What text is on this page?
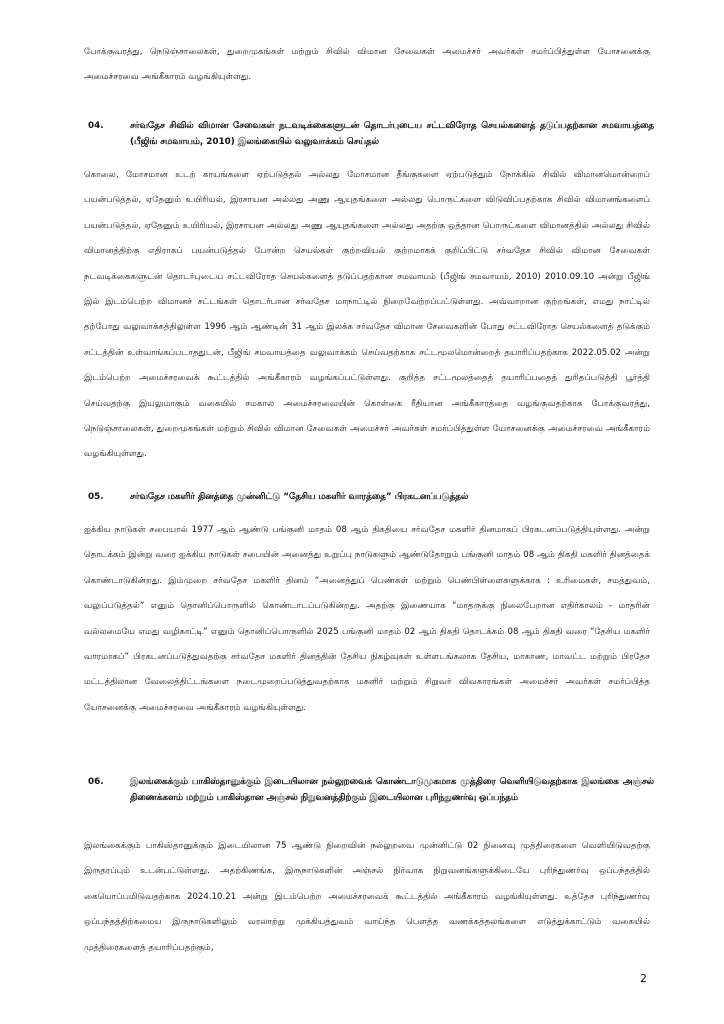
போக்குவரத்து, நெடுஞ்சாலைகள், துறைமுகங்கள் மற்றும் சிவில் விமான சேவைகள் அமைச்சர் அவர்கள் சமர்ப்பித்துள்ள யோசனைக்கு அமைச்சரவை அங்கீகாரம் வழங்கியுள்ளது.

04.	சர்வதேச சிவில் விமான சேவைகள் நடவடிக்கைகளுடன் தொடர்புடைய சட்டவிரோத செயல்களைத் தடுப்பதற்கான சமவாயத்தை (பீஜிங் சமவாயம், 2010) இலங்கையில் வலுவாக்கம் செய்தல்

கொலை, மோசமான உடற் காயங்களை ஏற்படுத்தல் அல்லது மோசமான தீங்குகளை ஏற்படுத்தும் நோக்கில் சிவில் விமானமொன்றைப் பயன்படுத்தல், ஏதேனும் உயிரியல், இரசாயன அல்லது அணு ஆயுதங்களை அல்லது பொருட்களை விடுவிப்பதற்காக சிவில் விமானங்களைப் பயன்படுத்தல், ஏதேனும் உயிரியல், இரசாயன அல்லது அணு ஆயுதங்களை அல்லது அதற்கு ஒத்தான பொருட்களை விமானத்தில் அல்லது சிவில் விமானத்திற்கு எதிராகப் பயன்படுத்தல் போன்ற செயல்கள் குற்றவியல் குற்றமாகக் குறிப்பிட்டு சர்வதேச சிவில் விமான சேவைகள் நடவடிக்கைகளுடன் தொடர்புடைய சட்டவிரோத செயல்களைத் தடுப்பதற்கான சமவாயம் (பீஜிங் சமவாயம், 2010) 2010.09.10 அன்று பீஜிங் இல் இடம்பெற்ற விமானச் சட்டங்கள் தொடர்பான சர்வதேச மாநாட்டில் நிறைவேற்றப்பட்டுள்ளது. அவ்வாறான குற்றங்கள், எமது நாட்டில் தற்போது வலுவாக்கத்திலுள்ள 1996 ஆம் ஆண்டின் 31 ஆம் இலக்க சர்வதேச விமான சேவைகளின் போது சட்டவிரோத செயல்களைத் தடுக்கும் சட்டத்தின் உள்வாங்கப்படாததுடன், பீஜிங் சமவாயத்தை வலுவாக்கம் செய்வதற்காக சட்டமூலமொன்றைத் தயாரிப்பதற்காக 2022.05.02 அன்று இடம்பெற்ற அமைச்சரவைக் கூட்டத்தில் அங்கீகாரம் வழங்கப்பட்டுள்ளது. குறித்த சட்டமூலத்தைத் தயாரிப்பதைத் துரிதப்படுத்தி பூர்த்தி செய்வதற்கு இயலுமாகும் வகையில் சமகால அமைச்சரவையின் கொள்கை ரீதியான அங்கீகாரத்தை வழங்குவதற்காக போக்குவரத்து, நெடுஞ்சாலைகள், துறைமுகங்கள் மற்றும் சிவில் விமான சேவைகள் அமைச்சர் அவர்கள் சமர்ப்பித்துள்ள யோசனைக்கு அமைச்சரவை அங்கீகாரம் வழங்கியுள்ளது.

05.	சர்வதேச மகளிர் தினத்தை முன்னிட்டு “தேசிய மகளிர் வாரத்தை” பிரகடனப்படுத்தல்

ஐக்கிய நாடுகள் சபையால் 1977 ஆம் ஆண்டு பங்குனி மாதம் 08 ஆம் திகதியை சர்வதேச மகளிர் தினமாகப் பிரகடனப்படுத்தியுள்ளது. அன்று தொடக்கம் இன்று வரை ஐக்கிய நாடுகள் சபையின் அனைத்து உறுப்பு நாடுகளும் ஆண்டுதோறும் பங்குனி மாதம் 08 ஆம் திகதி மகளிர் தினத்தைக் கொண்டாடுகின்றது. இம்முறை சர்வதேச மகளிர் தினம் “அனைத்துப் பெண்கள் மற்றும் பெண்பிள்ளைகளுக்காக : உரிமைகள், சமத்துவம், வலுப்படுத்தல்” எனும் தொனிப்பொருளில் கொண்டாடப்படுகின்றது. அதற்கு இணையாக “மாதருக்கு நிலைபேறான எதிர்காலம் - மாதரின் வல்லமையே எமது வழிகாட்டி” எனும் தொனிப்பொருளில் 2025 பங்குனி மாதம் 02 ஆம் திகதி தொடக்கம் 08 ஆம் திகதி வரை “தேசிய மகளிர் வாரமாகப்” பிரகடனப்படுத்துவதற்கு சர்வதேச மகளிர் தினத்தின் தேசிய நிகழ்வுகள் உள்ளடங்கலாக தேசிய, மாகாண, மாவட்ட மற்றும் பிரதேச மட்டத்திலான வேலைத்திட்டங்களை நடைமுறைப்படுத்துவதற்காக மகளிர் மற்றும் சிறுவர் விவகாரங்கள் அமைச்சர் அவர்கள் சமர்ப்பித்த யோசனைக்கு அமைச்சரவை அங்கீகாரம் வழங்கியுள்ளது.

06.	இலங்கைக்கும் பாகிஸ்தானுக்கும் இடையிலான நல்லுறவைக் கொண்டாடுமுகமாக முத்திரை வெளியிடுவதற்காக இலங்கை அஞ்சல் திணைக்களம் மற்றும் பாகிஸ்தான அஞ்சல் நிறுவனத்திற்கும் இடையிலான புரிந்துணர்வு ஒப்பந்தம்

இலங்கைக்கும் பாகிஸ்தானுக்கும் இடையிலான 75 ஆண்டு நிறைவின் நல்லுறவை முன்னிட்டு 02 நினைவு முத்திரைகளை வெளியிடுவதற்கு இருதரப்பும் உடன்பட்டுள்ளது. அதற்கிணங்க, இருநாடுகளின் அஞ்சல் நிர்வாக நிறுவனங்களுக்கிடையே புரிந்துணர்வு ஒப்பந்தத்தில் கையொப்பமிடுவதற்காக 2024.10.21 அன்று இடம்பெற்ற அமைச்சரவைக் கூட்டத்தில் அங்கீகாரம் வழங்கியுள்ளது. உத்தேச புரிந்துணர்வு ஒப்பந்தத்திற்கமைய இருநாடுகளிலும் வரலாற்று முக்கியத்துவம் வாய்ந்த பௌத்த வணக்கத்தலங்களை எடுத்துக்காட்டும் வகையில் முத்திரைகளைத் தயாரிப்பதற்கும்,

2
